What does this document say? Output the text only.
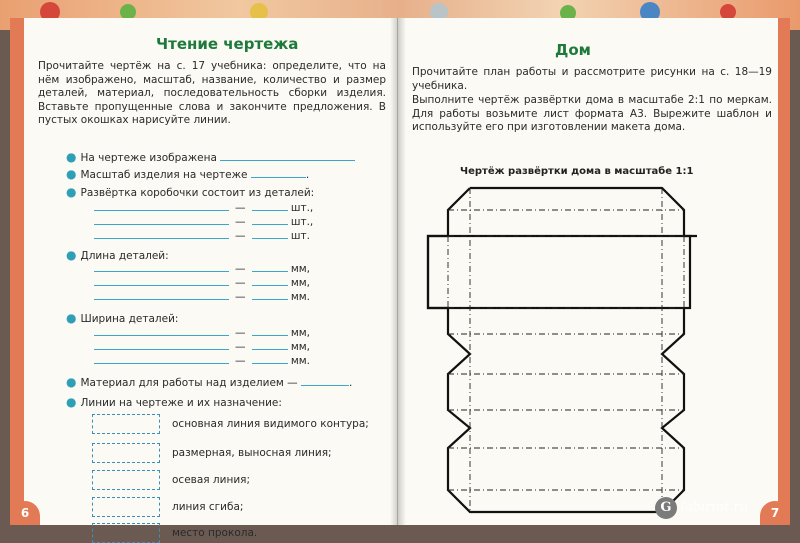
Чтение чертежа
Прочитайте чертёж на с. 17 учебника: определите, что на нём изображено, масштаб, название, количество и размер деталей, материал, последовательность сборки изделия. Вставьте пропущенные слова и закончите предложения. В пустых окошках нарисуйте линии.
● На чертеже изображена
● Масштаб изделия на чертеже	.
● Развёртка коробочки состоит из деталей:
—	шт.,
—	шт.,
—	шт.
● Длина деталей:
—	мм,
—	мм,
—	мм.
● Ширина деталей:
—	мм,
—	мм,
—	мм.
● Материал для работы над изделием —	.
● Линии на чертеже и их назначение:
основная линия видимого контура;
размерная, выносная линия;
осевая линия;
линия сгиба;
место прокола.
6
Дом
Прочитайте план работы и рассмотрите рисунки на с. 18—19 учебника.
Выполните чертёж развёртки дома в масштабе 2:1 по меркам. Для работы возьмите лист формата А3. Вырежите шаблон и используйте его при изготовлении макета дома.
Чертёж развёртки дома в масштабе 1:1
7
G labirint.ru
